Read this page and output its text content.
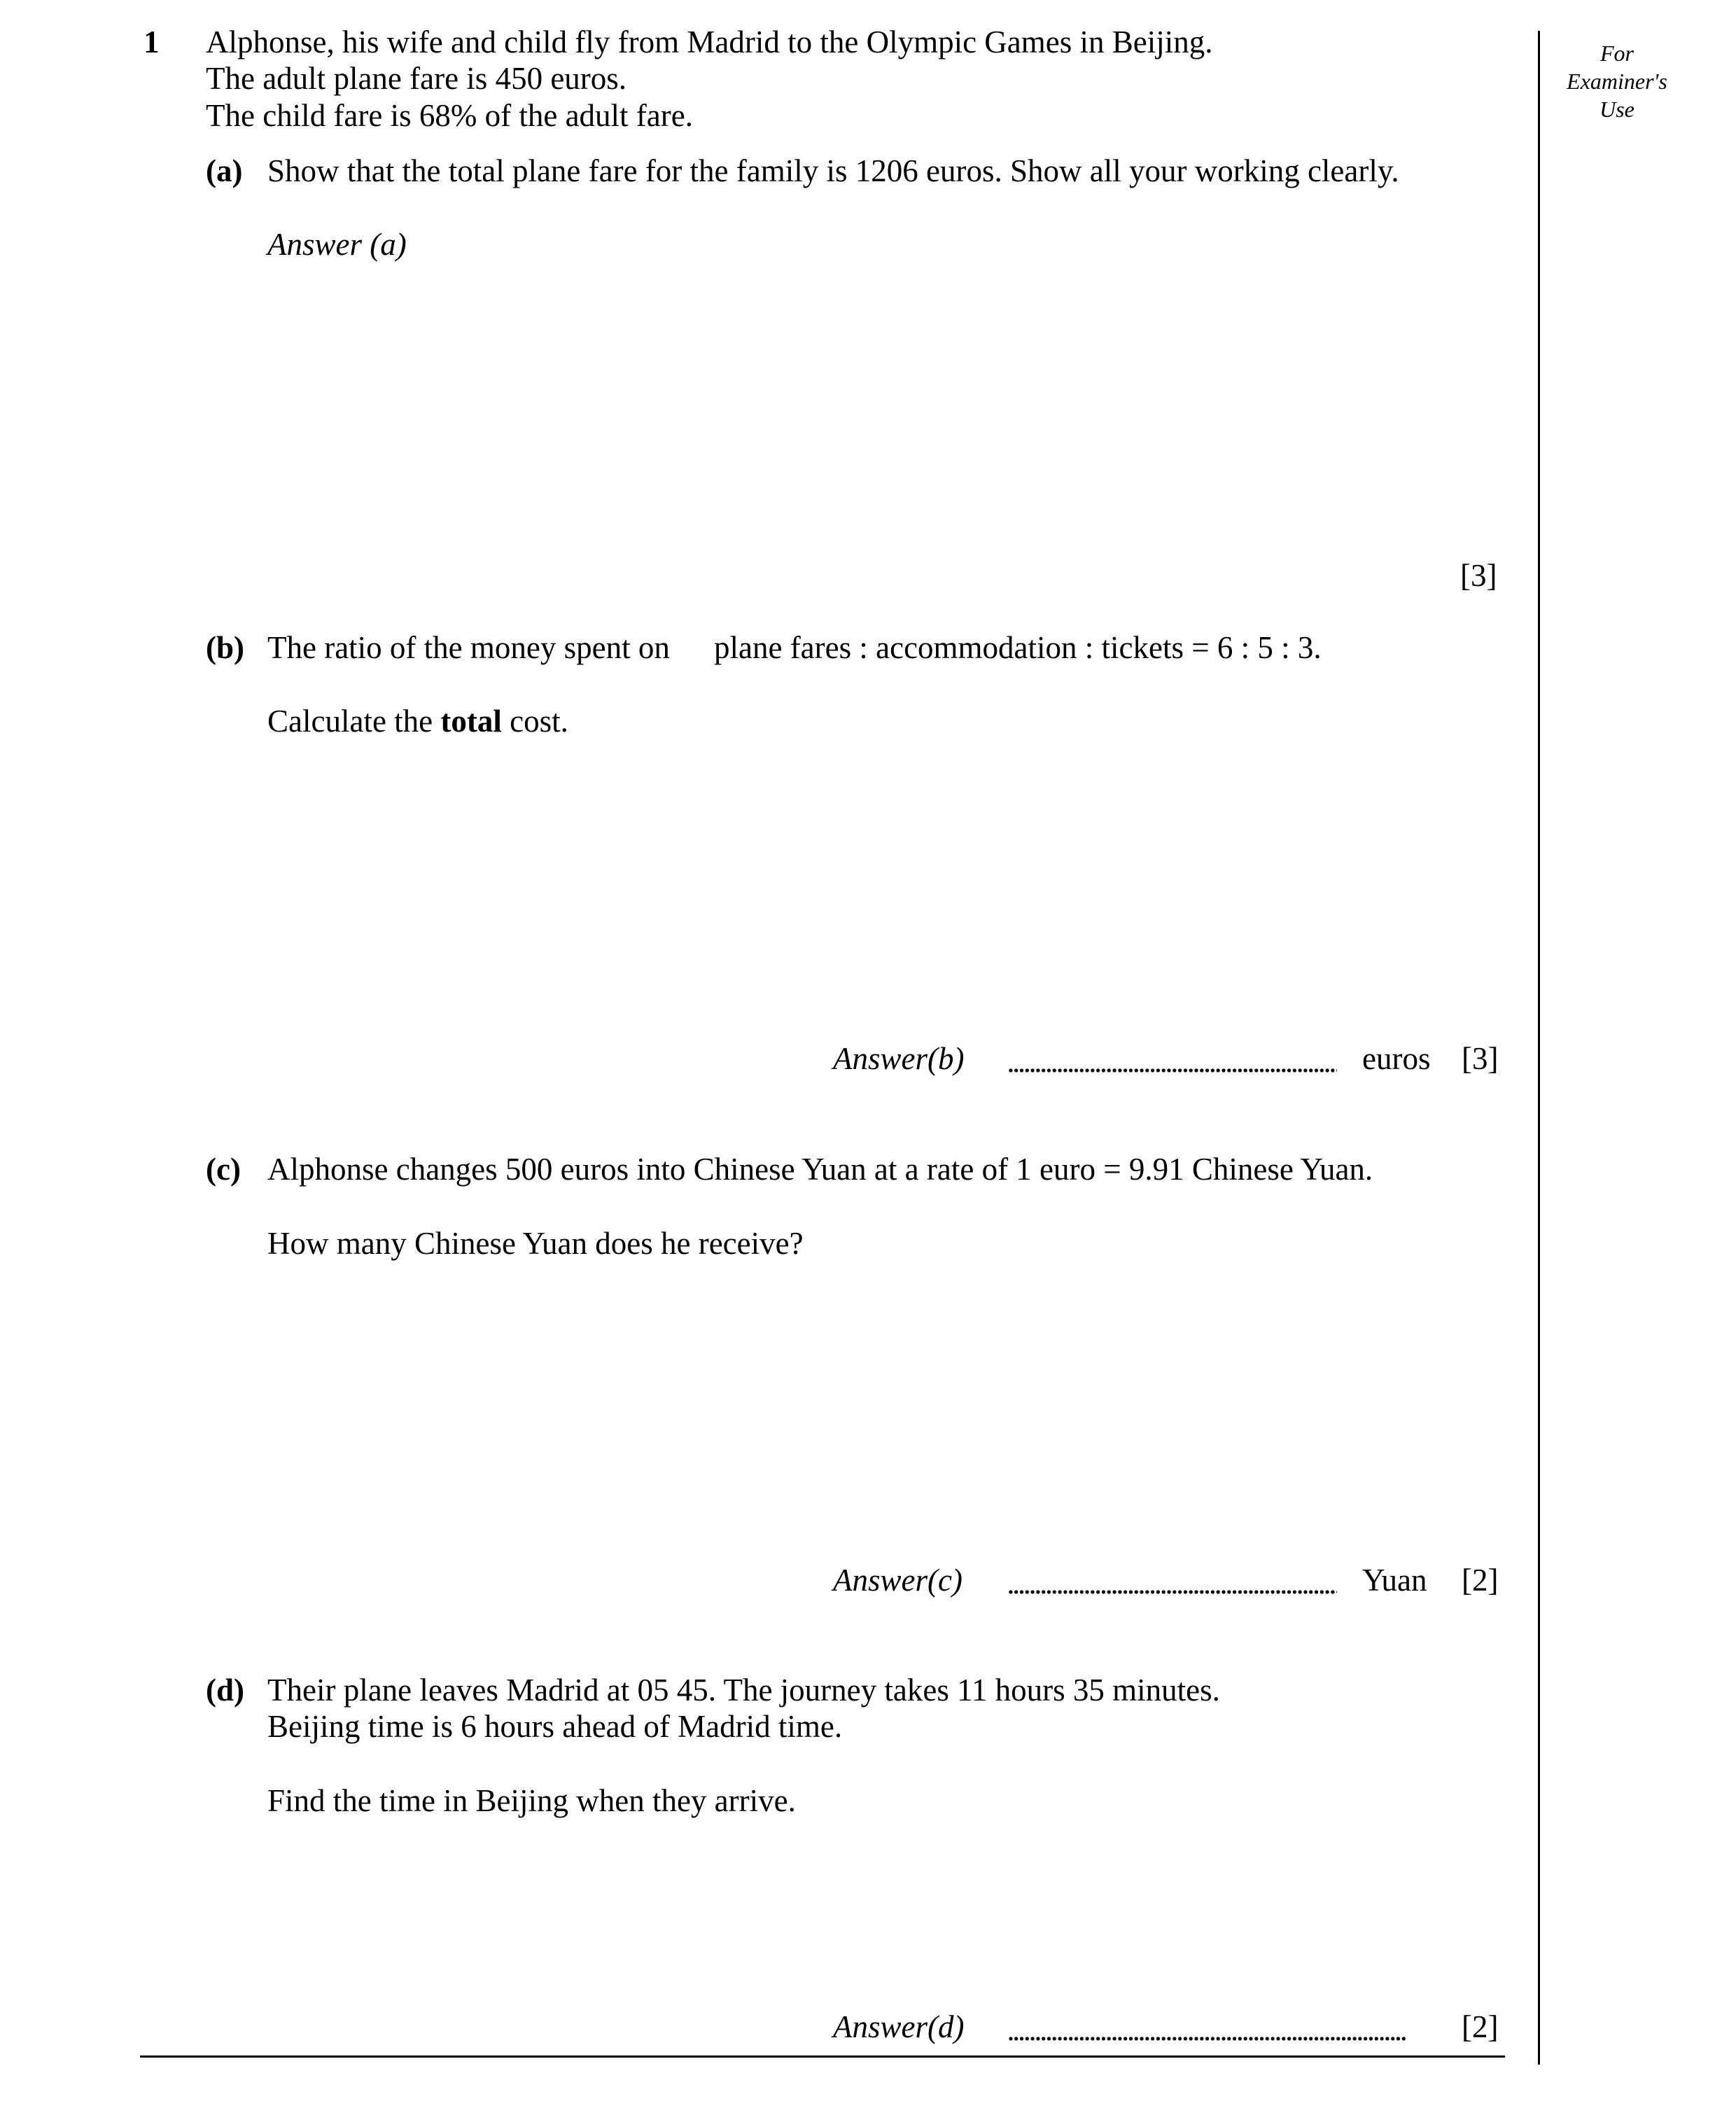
1 Alphonse, his wife and child fly from Madrid to the Olympic Games in Beijing.
The adult plane fare is 450 euros.
The child fare is 68% of the adult fare.
For
Examiner's
Use
(a) Show that the total plane fare for the family is 1206 euros. Show all your working clearly.
Answer (a)
[3]
(b) The ratio of the money spent on plane fares : accommodation : tickets = 6 : 5 : 3.
Calculate the total cost.
Answer(b)	euros [3]
(c) Alphonse changes 500 euros into Chinese Yuan at a rate of 1 euro = 9.91 Chinese Yuan.
How many Chinese Yuan does he receive?
Answer(c)	Yuan [2]
(d) Their plane leaves Madrid at 05 45. The journey takes 11 hours 35 minutes.
Beijing time is 6 hours ahead of Madrid time.
Find the time in Beijing when they arrive.
Answer(d)	[2]
